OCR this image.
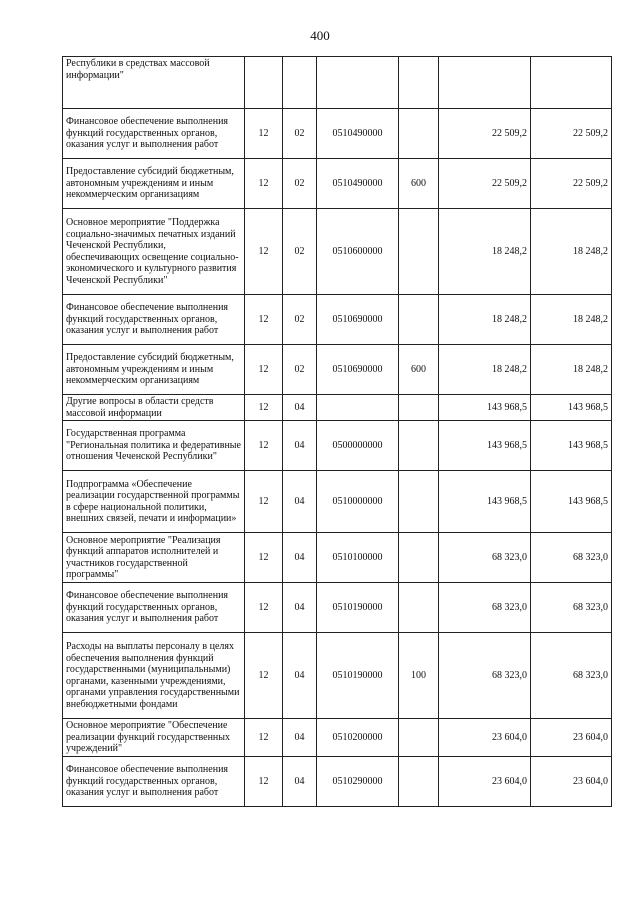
400
Республики в средствах массовой информации"						
Финансовое обеспечение выполнения функций государственных органов, оказания услуг и выполнения работ	12	02	0510490000		22 509,2	22 509,2
Предоставление субсидий бюджетным, автономным учреждениям и иным некоммерческим организациям	12	02	0510490000	600	22 509,2	22 509,2
Основное мероприятие "Поддержка социально-значимых печатных изданий Чеченской Республики, обеспечивающих освещение социально-экономического и культурного развития Чеченской Республики"	12	02	0510600000		18 248,2	18 248,2
Финансовое обеспечение выполнения функций государственных органов, оказания услуг и выполнения работ	12	02	0510690000		18 248,2	18 248,2
Предоставление субсидий бюджетным, автономным учреждениям и иным некоммерческим организациям	12	02	0510690000	600	18 248,2	18 248,2
Другие вопросы в области средств массовой информации	12	04			143 968,5	143 968,5
Государственная программа "Региональная политика и федеративные отношения Чеченской Республики"	12	04	0500000000		143 968,5	143 968,5
Подпрограмма «Обеспечение реализации государственной программы в сфере национальной политики, внешних связей, печати и информации»	12	04	0510000000		143 968,5	143 968,5
Основное мероприятие "Реализация функций аппаратов исполнителей и участников государственной программы"	12	04	0510100000		68 323,0	68 323,0
Финансовое обеспечение выполнения функций государственных органов, оказания услуг и выполнения работ	12	04	0510190000		68 323,0	68 323,0
Расходы на выплаты персоналу в целях обеспечения выполнения функций государственными (муниципальными) органами, казенными учреждениями, органами управления государственными внебюджетными фондами	12	04	0510190000	100	68 323,0	68 323,0
Основное мероприятие "Обеспечение реализации функций государственных учреждений"	12	04	0510200000		23 604,0	23 604,0
Финансовое обеспечение выполнения функций государственных органов, оказания услуг и выполнения работ	12	04	0510290000		23 604,0	23 604,0
